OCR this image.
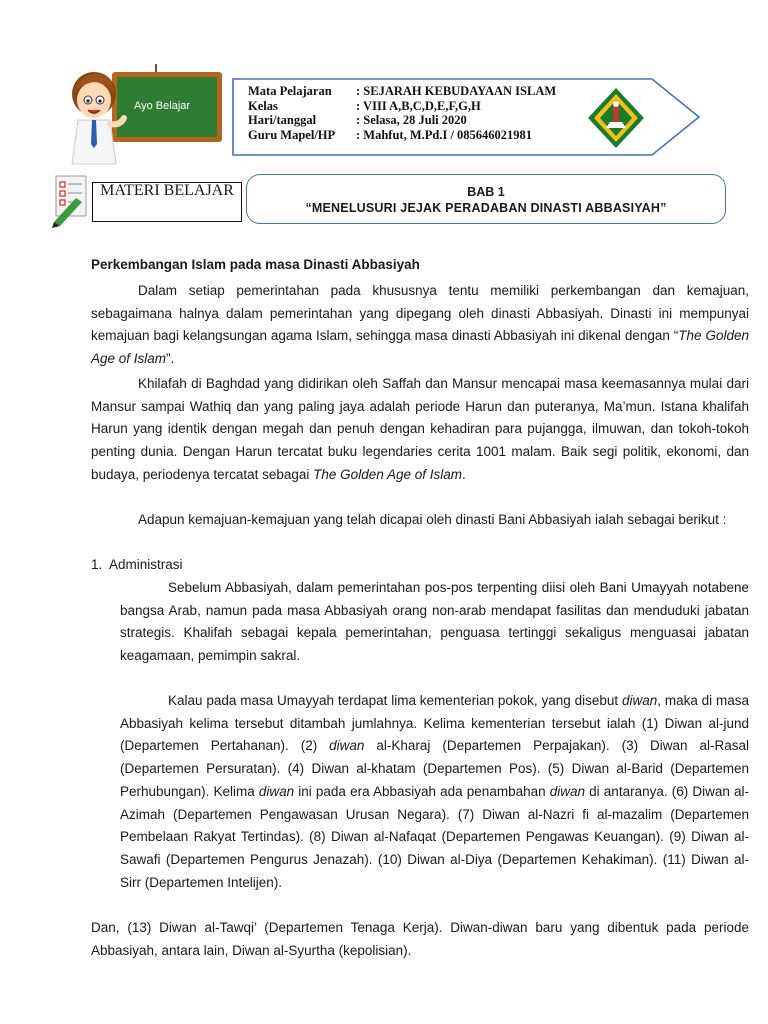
Ayo Belajar
Mata Pelajaran	: SEJARAH KEBUDAYAAN ISLAM
Kelas	: VIII A,B,C,D,E,F,G,H
Hari/tanggal	: Selasa, 28 Juli 2020
Guru Mapel/HP	: Mahfut, M.Pd.I / 085646021981
MATERI BELAJAR	BAB 1
“MENELUSURI JEJAK PERADABAN DINASTI ABBASIYAH”
Perkembangan Islam pada masa Dinasti Abbasiyah
Dalam setiap pemerintahan pada khususnya tentu memiliki perkembangan dan kemajuan, sebagaimana halnya dalam pemerintahan yang dipegang oleh dinasti Abbasiyah. Dinasti ini mempunyai kemajuan bagi kelangsungan agama Islam, sehingga masa dinasti Abbasiyah ini dikenal dengan “The Golden Age of Islam”.
Khilafah di Baghdad yang didirikan oleh Saffah dan Mansur mencapai masa keemasannya mulai dari Mansur sampai Wathiq dan yang paling jaya adalah periode Harun dan puteranya, Ma’mun. Istana khalifah Harun yang identik dengan megah dan penuh dengan kehadiran para pujangga, ilmuwan, dan tokoh-tokoh penting dunia. Dengan Harun tercatat buku legendaries cerita 1001 malam. Baik segi politik, ekonomi, dan budaya, periodenya tercatat sebagai The Golden Age of Islam.
Adapun kemajuan-kemajuan yang telah dicapai oleh dinasti Bani Abbasiyah ialah sebagai berikut :
1.  Administrasi
Sebelum Abbasiyah, dalam pemerintahan pos-pos terpenting diisi oleh Bani Umayyah notabene bangsa Arab, namun pada masa Abbasiyah orang non-arab mendapat fasilitas dan menduduki jabatan strategis. Khalifah sebagai kepala pemerintahan, penguasa tertinggi sekaligus menguasai jabatan keagamaan, pemimpin sakral.
Kalau pada masa Umayyah terdapat lima kementerian pokok, yang disebut diwan, maka di masa Abbasiyah kelima tersebut ditambah jumlahnya. Kelima kementerian tersebut ialah (1) Diwan al-jund (Departemen Pertahanan). (2) diwan al-Kharaj (Departemen Perpajakan). (3) Diwan al-Rasal (Departemen Persuratan). (4) Diwan al-khatam (Departemen Pos). (5) Diwan al-Barid (Departemen Perhubungan). Kelima diwan ini pada era Abbasiyah ada penambahan diwan di antaranya. (6) Diwan al-Azimah (Departemen Pengawasan Urusan Negara). (7) Diwan al-Nazri fi al-mazalim (Departemen Pembelaan Rakyat Tertindas). (8) Diwan al-Nafaqat (Departemen Pengawas Keuangan). (9) Diwan al-Sawafi (Departemen Pengurus Jenazah). (10) Diwan al-Diya (Departemen Kehakiman). (11) Diwan al-Sirr (Departemen Intelijen).
Dan, (13) Diwan al-Tawqi’ (Departemen Tenaga Kerja). Diwan-diwan baru yang dibentuk pada periode Abbasiyah, antara lain, Diwan al-Syurtha (kepolisian).
